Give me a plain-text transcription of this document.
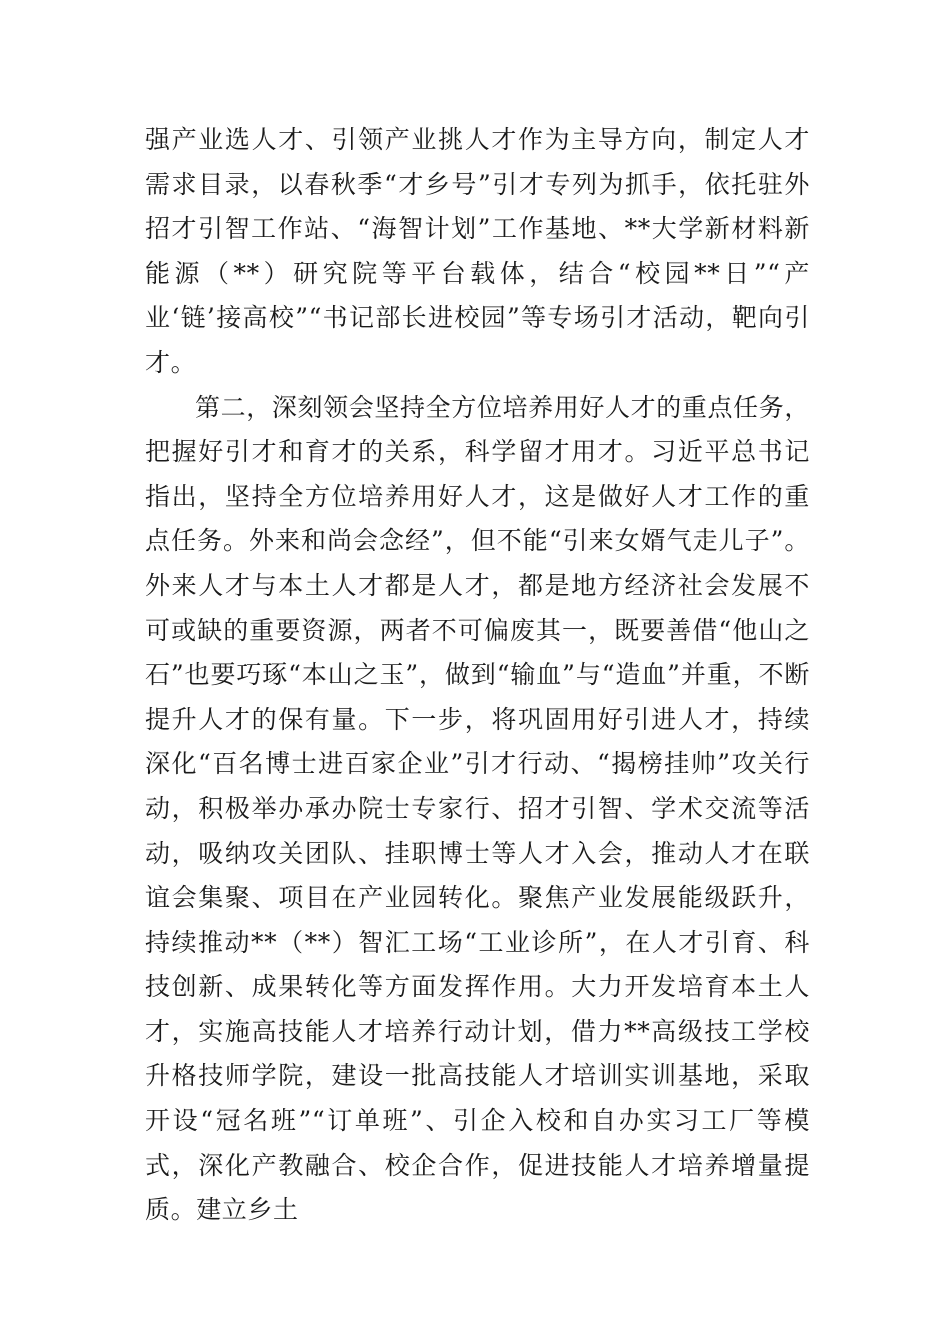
强产业选人才、引领产业挑人才作为主导方向，制定人才需求目录，以春秋季“才乡号”引才专列为抓手，依托驻外招才引智工作站、“海智计划”工作基地、**大学新材料新能源（**）研究院等平台载体，结合“校园**日”“产业‘链’接高校”“书记部长进校园”等专场引才活动，靶向引才。

第二，深刻领会坚持全方位培养用好人才的重点任务，把握好引才和育才的关系，科学留才用才。习近平总书记指出，坚持全方位培养用好人才，这是做好人才工作的重点任务。外来和尚会念经”，但不能“引来女婿气走儿子”。外来人才与本土人才都是人才，都是地方经济社会发展不可或缺的重要资源，两者不可偏废其一，既要善借“他山之石”也要巧琢“本山之玉”，做到“输血”与“造血”并重，不断提升人才的保有量。下一步，将巩固用好引进人才，持续深化“百名博士进百家企业”引才行动、“揭榜挂帅”攻关行动，积极举办承办院士专家行、招才引智、学术交流等活动，吸纳攻关团队、挂职博士等人才入会，推动人才在联谊会集聚、项目在产业园转化。聚焦产业发展能级跃升，持续推动**（**）智汇工场“工业诊所”，在人才引育、科技创新、成果转化等方面发挥作用。大力开发培育本土人才，实施高技能人才培养行动计划，借力**高级技工学校升格技师学院，建设一批高技能人才培训实训基地，采取开设“冠名班”“订单班”、引企入校和自办实习工厂等模式，深化产教融合、校企合作，促进技能人才培养增量提质。建立乡土
